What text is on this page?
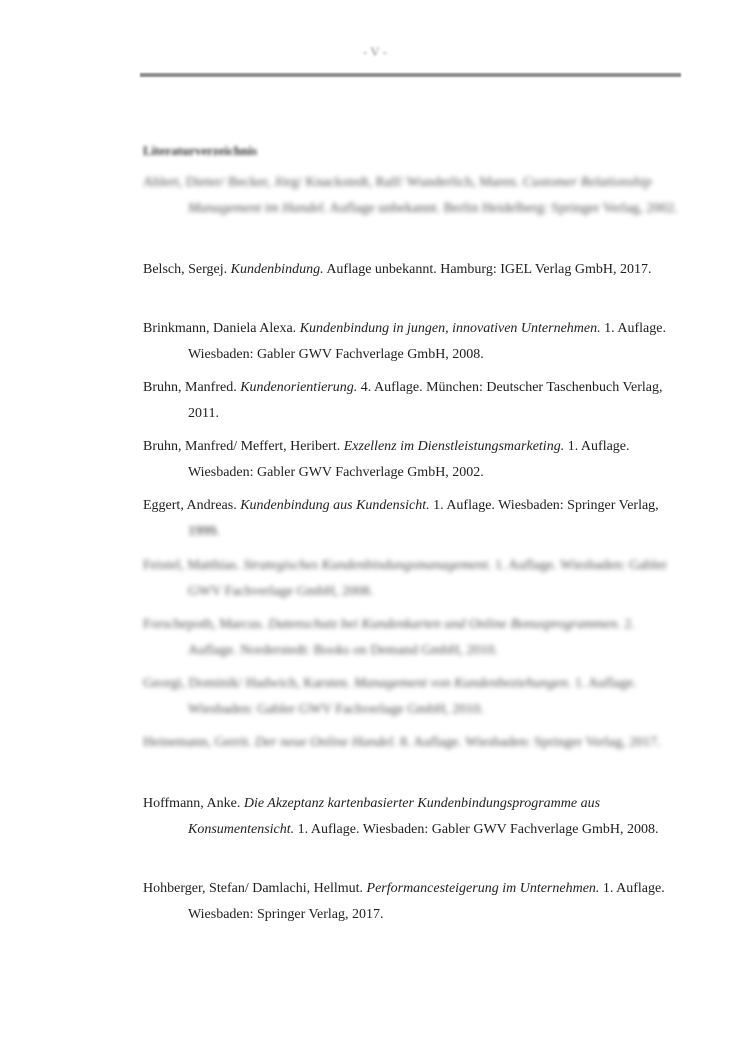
- V -
Literaturverzeichnis

Ahlert, Dieter/ Becker, Jörg/ Knackstedt, Ralf/ Wunderlich, Maren. Customer Relationship Management im Handel. Auflage unbekannt. Berlin Heidelberg: Springer Verlag, 2002.

Belsch, Sergej. Kundenbindung. Auflage unbekannt. Hamburg: IGEL Verlag GmbH, 2017.

Brinkmann, Daniela Alexa. Kundenbindung in jungen, innovativen Unternehmen. 1. Auflage. Wiesbaden: Gabler GWV Fachverlage GmbH, 2008.

Bruhn, Manfred. Kundenorientierung. 4. Auflage. München: Deutscher Taschenbuch Verlag, 2011.

Bruhn, Manfred/ Meffert, Heribert. Exzellenz im Dienstleistungsmarketing. 1. Auflage. Wiesbaden: Gabler GWV Fachverlage GmbH, 2002.

Eggert, Andreas. Kundenbindung aus Kundensicht. 1. Auflage. Wiesbaden: Springer Verlag, 1999.

Feistel, Matthias. Strategisches Kundenbindungsmanagement. 1. Auflage. Wiesbaden: Gabler GWV Fachverlage GmbH, 2008.

Forschepoth, Marcus. Datenschutz bei Kundenkarten und Online Bonusprogrammen. 2. Auflage. Norderstedt: Books on Demand GmbH, 2010.

Georgi, Dominik/ Hadwich, Karsten. Management von Kundenbeziehungen. 1. Auflage. Wiesbaden: Gabler GWV Fachverlage GmbH, 2010.

Heinemann, Gerrit. Der neue Online Handel. 8. Auflage. Wiesbaden: Springer Verlag, 2017.

Hoffmann, Anke. Die Akzeptanz kartenbasierter Kundenbindungsprogramme aus Konsumentensicht. 1. Auflage. Wiesbaden: Gabler GWV Fachverlage GmbH, 2008.

Hohberger, Stefan/ Damlachi, Hellmut. Performancesteigerung im Unternehmen. 1. Auflage. Wiesbaden: Springer Verlag, 2017.
